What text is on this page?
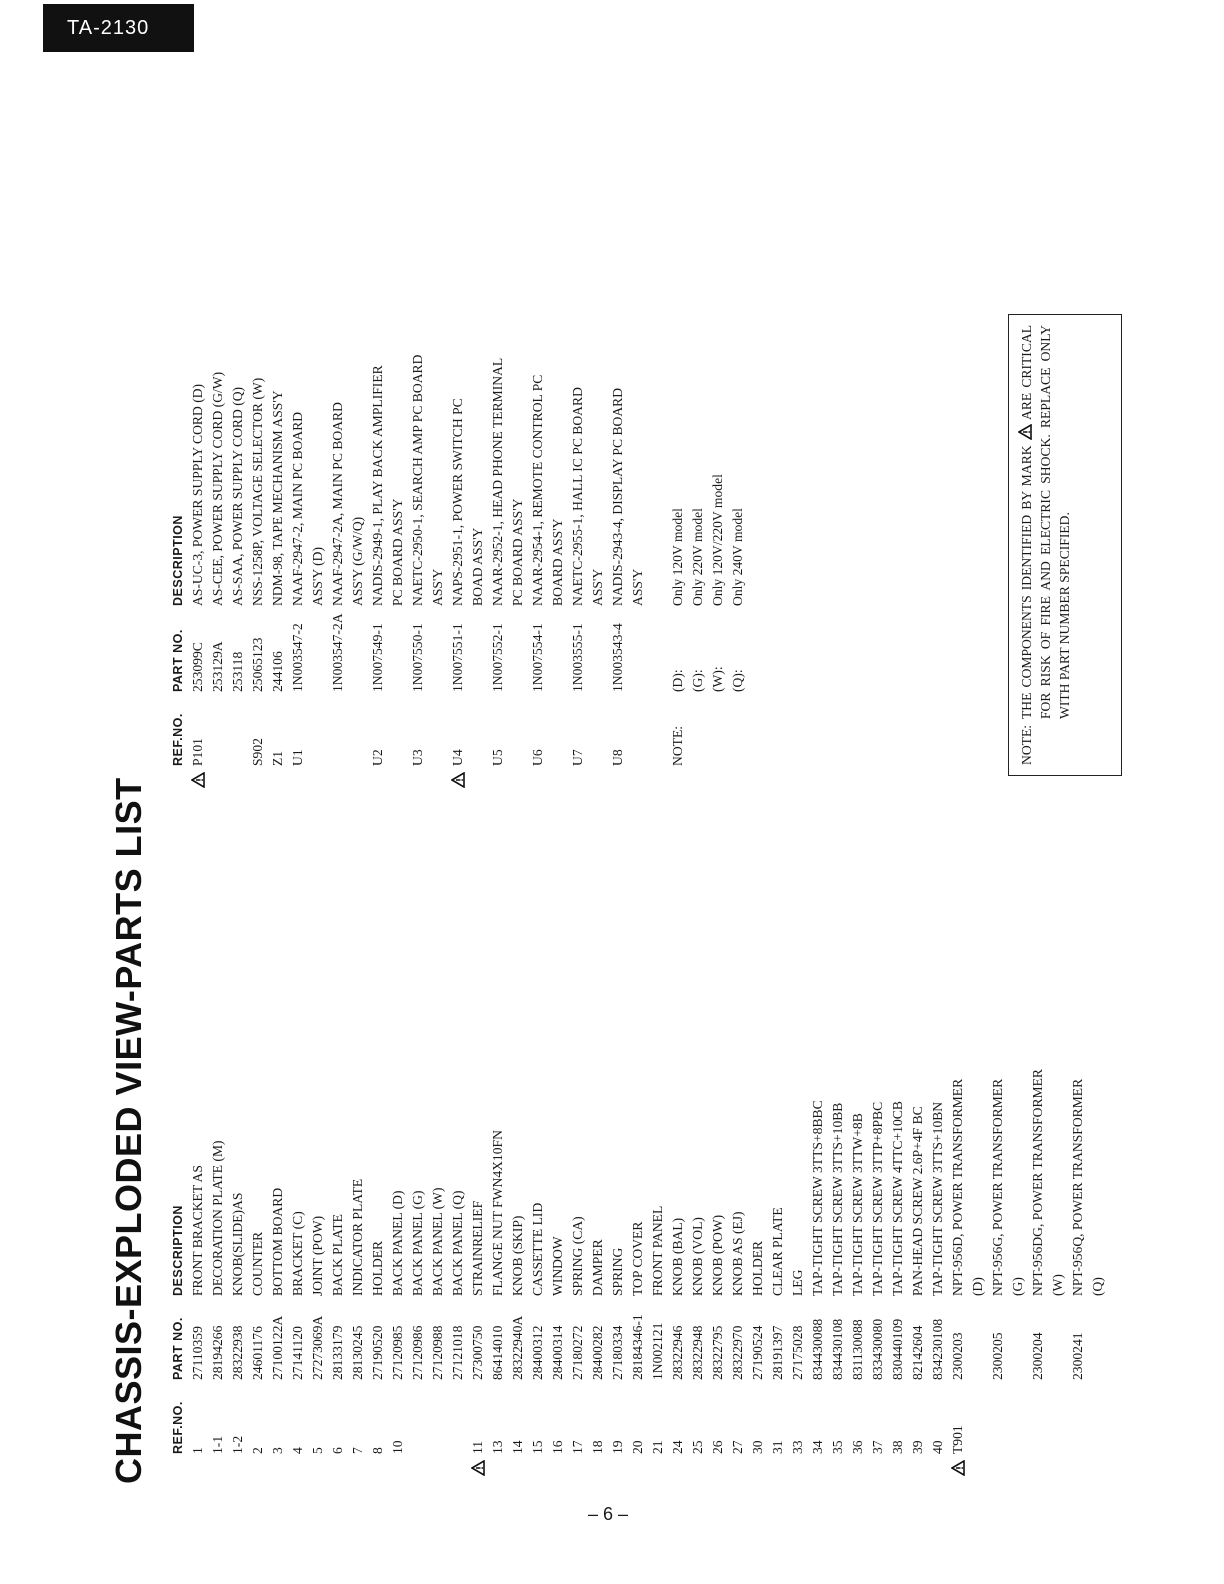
TA-2130
CHASSIS-EXPLODED VIEW-PARTS LIST REF.NO.
PART NO.
DESCRIPTION
1
27110359
FRONT BRACKET AS
1-1
28194266
DECORATION PLATE (M)
1-2
28322938
KNOB(SLIDE)AS
2
24601176
COUNTER
3
27100122A
BOTTOM BOARD
4
27141120
BRACKET (C)
5
27273069A
JOINT (POW)
6
28133179
BACK PLATE
7
28130245
INDICATOR PLATE
8
27190520
HOLDER
10
27120985
BACK PANEL (D)
27120986
BACK PANEL (G)
27120988
BACK PANEL (W)
27121018
BACK PANEL (Q)
11
27300750
STRAINRELIEF
13
86414010
FLANGE NUT FWN4X10FN
14
28322940A
KNOB (SKIP)
15
28400312
CASSETTE LID
16
28400314
WINDOW
17
27180272
SPRING (CA)
18
28400282
DAMPER
19
27180334
SPRING
20
28184346-1
TOP COVER
21
1N002121
FRONT PANEL
24
28322946
KNOB (BAL)
25
28322948
KNOB (VOL)
26
28322795
KNOB (POW)
27
28322970
KNOB AS (EJ)
30
27190524
HOLDER
31
28191397
CLEAR PLATE
33
27175028
LEG
34
834430088
TAP-TIGHT SCREW 3TTS+8BBC
35
834430108
TAP-TIGHT SCREW 3TTS+10BB
36
831130088
TAP-TIGHT SCREW 3TTW+8B
37
833430080
TAP-TIGHT SCREW 3TTP+8PBC
38
830440109
TAP-TIGHT SCREW 4TTC+10CB
39
82142604
PAN-HEAD SCREW 2.6P+4F BC
40
834230108
TAP-TIGHT SCREW 3TTS+10BN
T901
2300203
NPT-956D, POWER TRANSFORMER (D)
2300205
NPT-956G, POWER TRANSFORMER (G)
2300204
NPT-956DG, POWER TRANSFORMER (W)
2300241
NPT-956Q, POWER TRANSFORMER (Q)
REF.NO.
PART NO.
DESCRIPTION
P101
253099C
AS-UC-3, POWER SUPPLY CORD (D)
253129A
AS-CEE, POWER SUPPLY CORD (G/W)
253118
AS-SAA, POWER SUPPLY CORD (Q)
S902
25065123
NSS-1258P, VOLTAGE SELECTOR (W)
Z1
244106
NDM-98, TAPE MECHANISM ASS'Y
U1
1N003547-2
NAAF-2947-2, MAIN PC BOARD ASS'Y (D)
1N003547-2A
NAAF-2947-2A, MAIN PC BOARD ASS'Y (G/W/Q)
U2
1N007549-1
NADIS-2949-1, PLAY BACK AMPLIFIER PC BOARD ASS'Y
U3
1N007550-1
NAETC-2950-1, SEARCH AMP PC BOARD ASS'Y
U4
1N007551-1
NAPS-2951-1, POWER SWITCH PC BOAD ASS'Y
U5
1N007552-1
NAAR-2952-1, HEAD PHONE TERMINAL PC BOARD ASS'Y
U6
1N007554-1
NAAR-2954-1, REMOTE CONTROL PC BOARD ASS'Y
U7
1N003555-1
NAETC-2955-1, HALL IC PC BOARD ASS'Y
U8
1N003543-4
NADIS-2943-4, DISPLAY PC BOARD ASS'Y
NOTE:
(D):
Only 120V model
(G):
Only 220V model
(W):
Only 120V/220V model
(Q):
Only 240V model
NOTE:
THE COMPONENTS IDENTIFIED BY MARK  ARE CRITICAL FOR RISK OF FIRE AND ELECTRIC SHOCK. REPLACE ONLY WITH PART NUMBER SPECIFIED.
– 6 –
